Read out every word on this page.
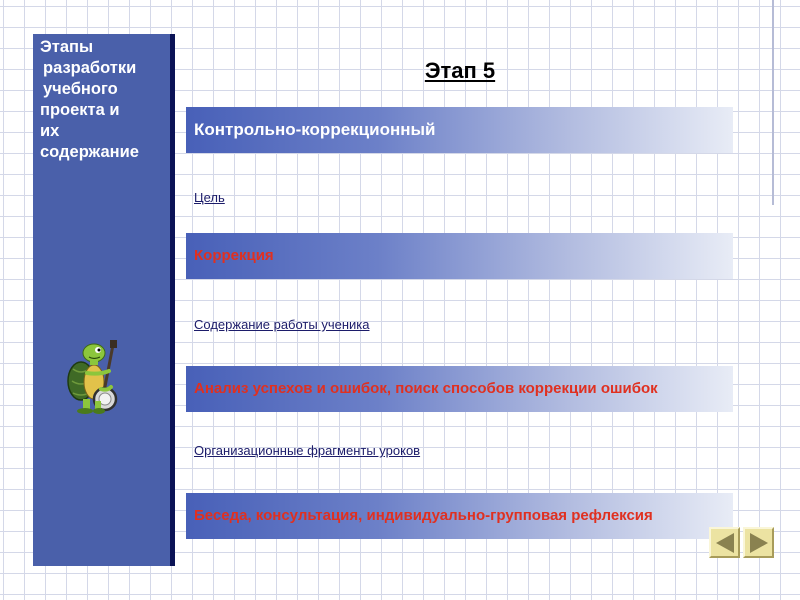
Этапы
разработки
учебного
проекта и
их
содержание
Этап 5
Контрольно-коррекционный
Цель
Коррекция
Содержание работы ученика
Анализ успехов и ошибок, поиск способов коррекции ошибок
Организационные фрагменты уроков
Беседа, консультация, индивидуально-групповая рефлексия
